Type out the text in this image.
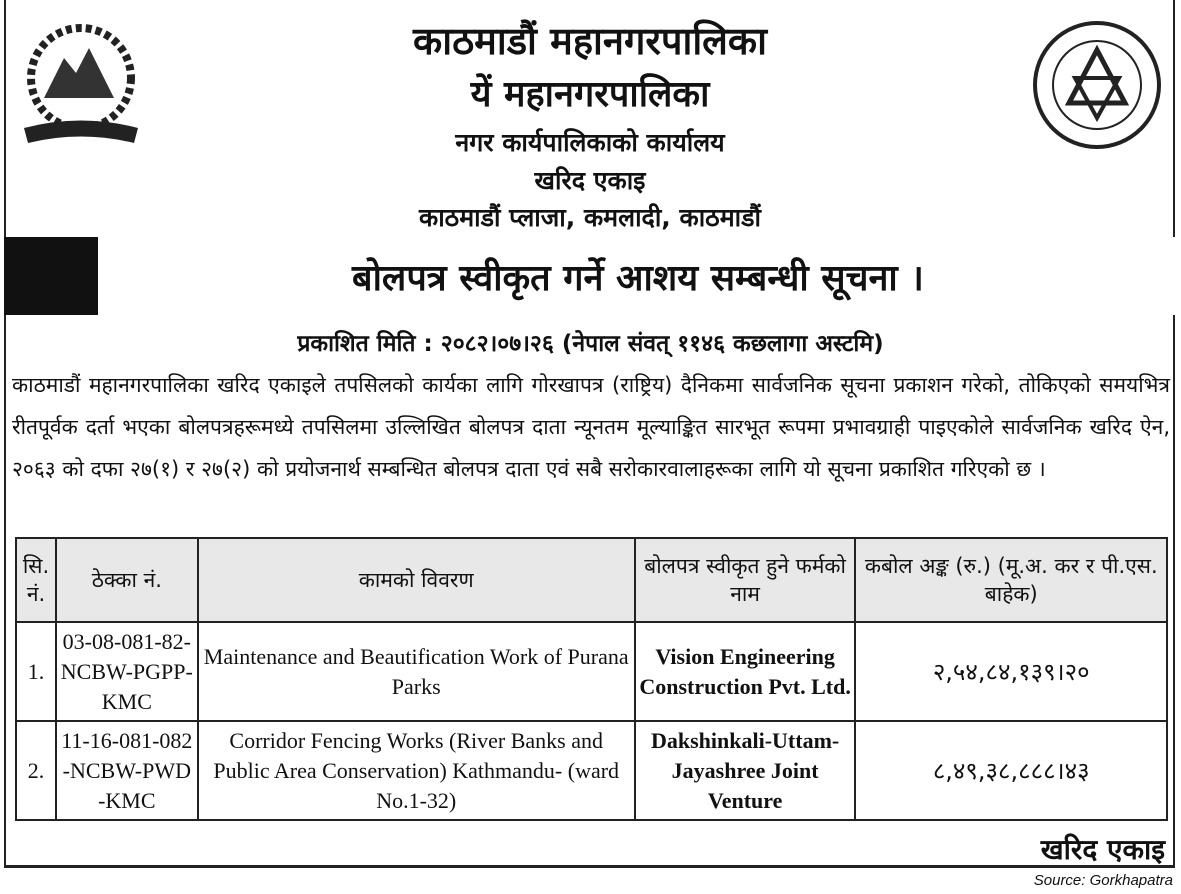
काठमाडौं महानगरपालिका
यें महानगरपालिका
नगर कार्यपालिकाको कार्यालय
खरिद एकाइ
काठमाडौं प्लाजा, कमलादी, काठमाडौं
बोलपत्र स्वीकृत गर्ने आशय सम्बन्धी सूचना ।
प्रकाशित मिति : २०८२।०७।२६ (नेपाल संवत् ११४६ कछलागा अस्टमि)
काठमाडौं महानगरपालिका खरिद एकाइले तपसिलको कार्यका लागि गोरखापत्र (राष्ट्रिय) दैनिकमा सार्वजनिक सूचना प्रकाशन गरेको, तोकिएको समयभित्र रीतपूर्वक दर्ता भएका बोलपत्रहरूमध्ये तपसिलमा उल्लिखित बोलपत्र दाता न्यूनतम मूल्याङ्कित सारभूत रूपमा प्रभावग्राही पाइएकोले सार्वजनिक खरिद ऐन, २०६३ को दफा २७(१) र २७(२) को प्रयोजनार्थ सम्बन्धित बोलपत्र दाता एवं सबै सरोकारवालाहरूका लागि यो सूचना प्रकाशित गरिएको छ ।
सि. नं.	ठेक्का नं.	कामको विवरण	बोलपत्र स्वीकृत हुने फर्मको नाम	कबोल अङ्क (रु.) (मू.अ. कर र पी.एस. बाहेक)
1.	03-08-081-82-NCBW-PGPP-KMC	Maintenance and Beautification Work of Purana Parks	Vision Engineering Construction Pvt. Ltd.	२,५४,८४,१३९।२०
2.	11-16-081-082-NCBW-PWD-KMC	Corridor Fencing Works (River Banks and Public Area Conservation) Kathmandu- (ward No.1-32)	Dakshinkali-Uttam-Jayashree Joint Venture	८,४९,३८,८८८।४३
खरिद एकाइ
Source: Gorkhapatra
